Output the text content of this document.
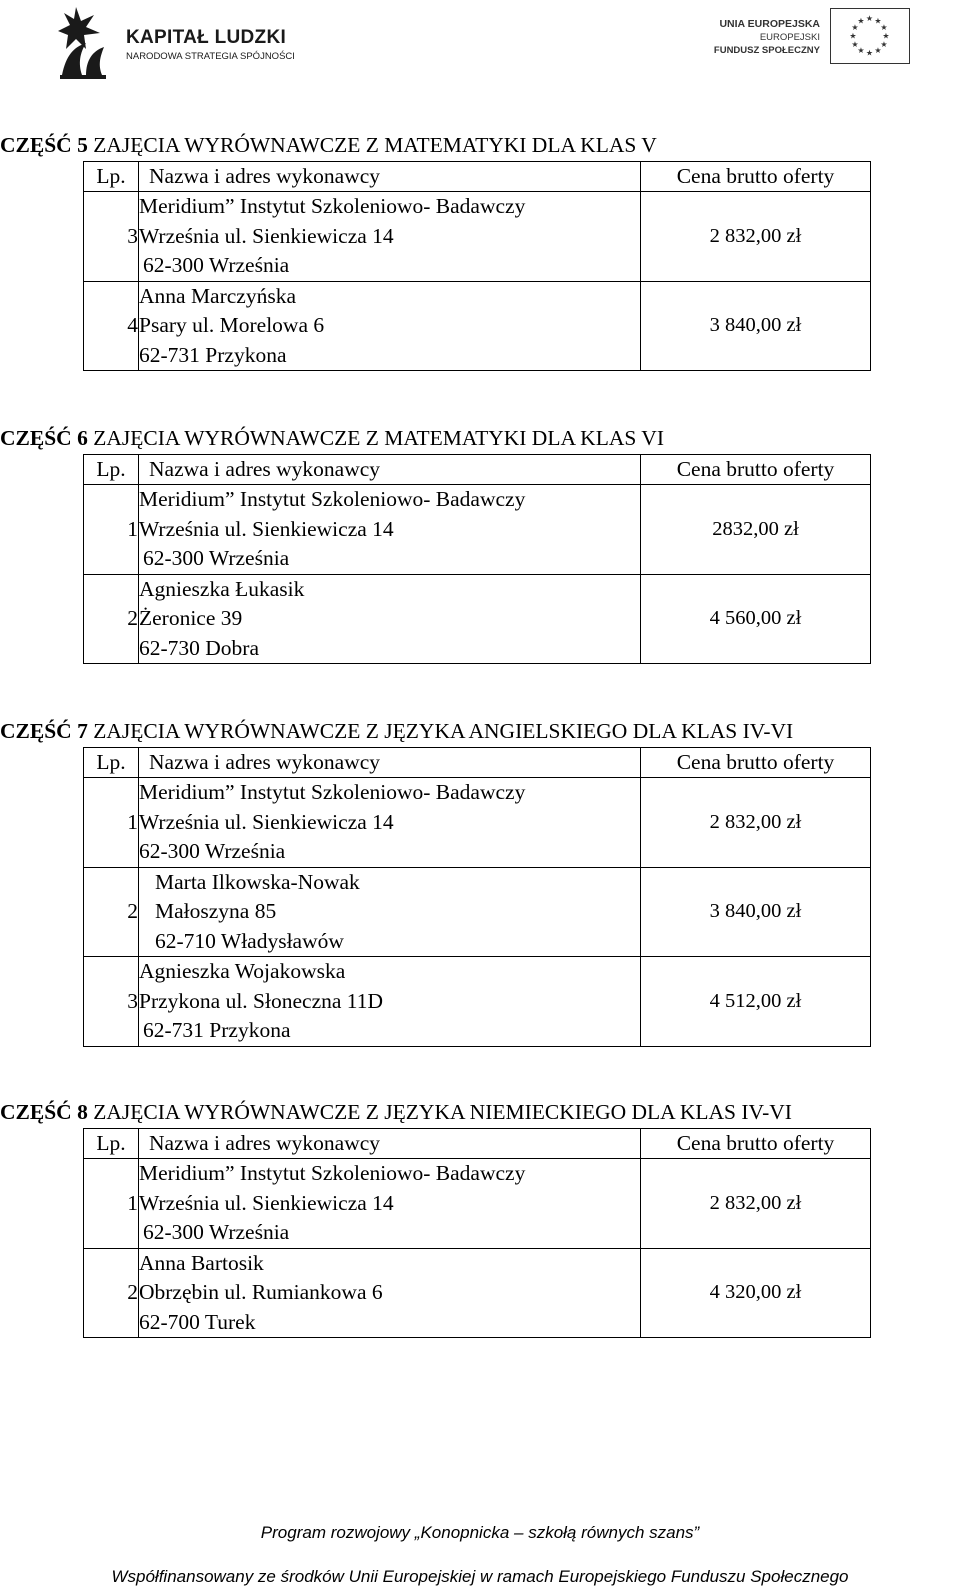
KAPITAŁ LUDZKI
NARODOWA STRATEGIA SPÓJNOŚCI
UNIA EUROPEJSKA
EUROPEJSKI
FUNDUSZ SPOŁECZNY
★ ★
★
★
★
★
★
★
★
★
★
★
CZĘŚĆ 5 ZAJĘCIA WYRÓWNAWCZE Z MATEMATYKI DLA KLAS V
Lp.	Nazwa i adres wykonawcy	Cena brutto oferty
3	Meridium” Instytut Szkoleniowo- Badawczy
Września ul. Sienkiewicza 14
62-300 Września	2 832,00 zł
4	Anna Marczyńska
Psary ul. Morelowa 6
62-731 Przykona	3 840,00 zł
CZĘŚĆ 6 ZAJĘCIA WYRÓWNAWCZE Z MATEMATYKI DLA KLAS VI
Lp.	Nazwa i adres wykonawcy	Cena brutto oferty
1	Meridium” Instytut Szkoleniowo- Badawczy
Września ul. Sienkiewicza 14
62-300 Września	2832,00 zł
2	Agnieszka Łukasik
Żeronice 39
62-730 Dobra	4 560,00 zł
CZĘŚĆ 7 ZAJĘCIA WYRÓWNAWCZE Z JĘZYKA ANGIELSKIEGO DLA KLAS IV-VI
Lp.	Nazwa i adres wykonawcy	Cena brutto oferty
1	Meridium” Instytut Szkoleniowo- Badawczy
Września ul. Sienkiewicza 14
62-300 Września	2 832,00 zł
2	Marta Ilkowska-Nowak
Małoszyna 85
62-710 Władysławów	3 840,00 zł
3	Agnieszka Wojakowska
Przykona ul. Słoneczna 11D
62-731 Przykona	4 512,00 zł
CZĘŚĆ 8 ZAJĘCIA WYRÓWNAWCZE Z JĘZYKA NIEMIECKIEGO DLA KLAS IV-VI
Lp.	Nazwa i adres wykonawcy	Cena brutto oferty
1	Meridium” Instytut Szkoleniowo- Badawczy
Września ul. Sienkiewicza 14
62-300 Września	2 832,00 zł
2	Anna Bartosik
Obrzębin ul. Rumiankowa 6
62-700 Turek	4 320,00 zł
Program rozwojowy „Konopnicka – szkołą równych szans”
Współfinansowany ze środków Unii Europejskiej w ramach Europejskiego Funduszu Społecznego
